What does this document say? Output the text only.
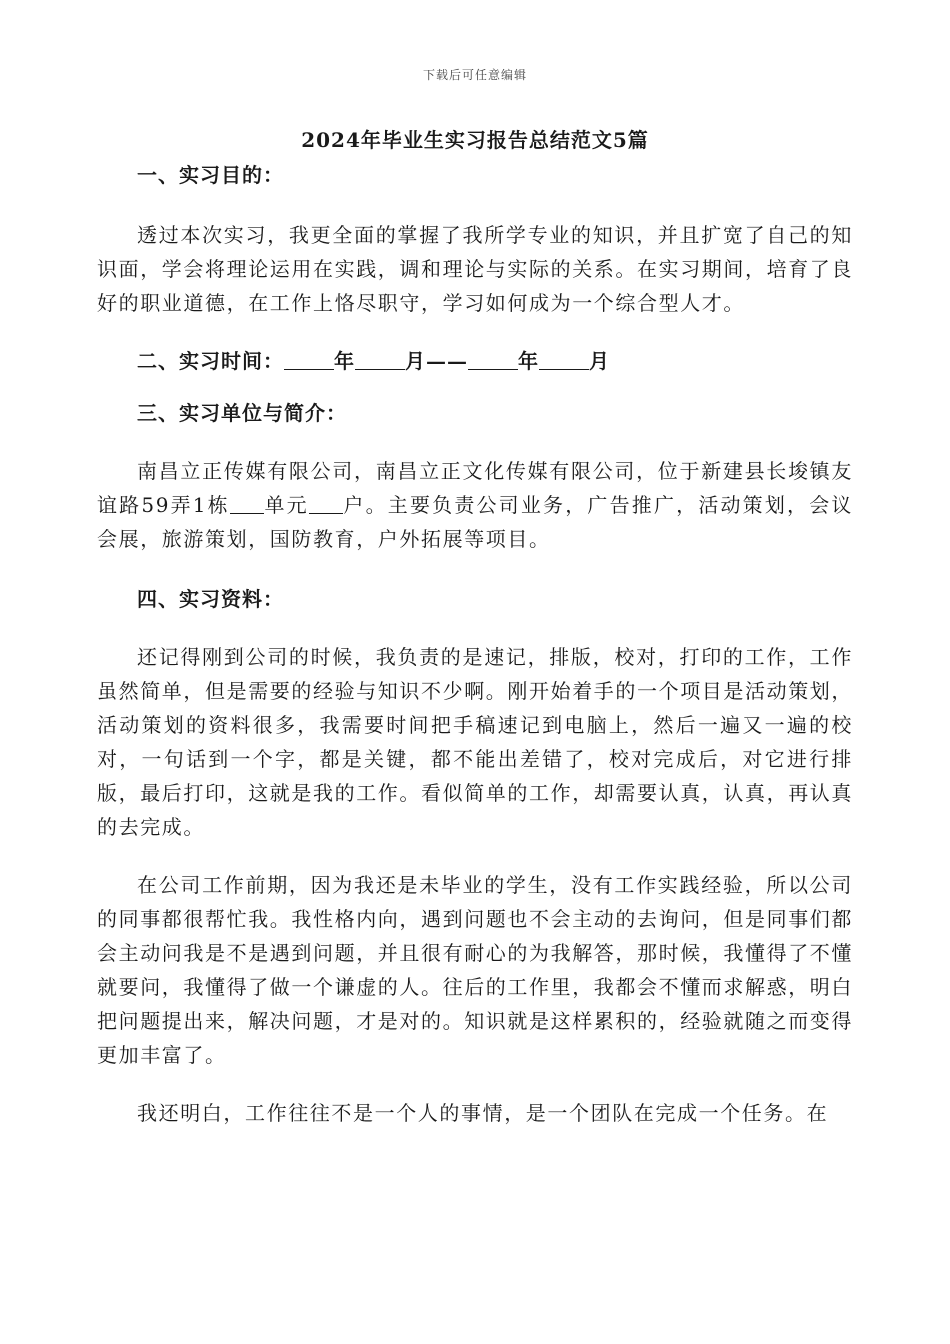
下载后可任意编辑
2024年毕业生实习报告总结范文5篇

一、实习目的：

透过本次实习，我更全面的掌握了我所学专业的知识，并且扩宽了自己的知识面，学会将理论运用在实践，调和理论与实际的关系。在实习期间，培育了良好的职业道德，在工作上恪尽职守，学习如何成为一个综合型人才。

二、实习时间：	年	月——	年	月

三、实习单位与简介：

南昌立正传媒有限公司，南昌立正文化传媒有限公司，位于新建县长埈镇友谊路59弄1栋 单元 户。主要负责公司业务，广告推广，活动策划，会议会展，旅游策划，国防教育，户外拓展等项目。

四、实习资料：

还记得刚到公司的时候，我负责的是速记，排版，校对，打印的工作，工作虽然简单，但是需要的经验与知识不少啊。刚开始着手的一个项目是活动策划，活动策划的资料很多，我需要时间把手稿速记到电脑上，然后一遍又一遍的校对，一句话到一个字，都是关键，都不能出差错了，校对完成后，对它进行排版，最后打印，这就是我的工作。看似简单的工作，却需要认真，认真，再认真的去完成。

在公司工作前期，因为我还是未毕业的学生，没有工作实践经验，所以公司的同事都很帮忙我。我性格内向，遇到问题也不会主动的去询问，但是同事们都会主动问我是不是遇到问题，并且很有耐心的为我解答，那时候，我懂得了不懂就要问，我懂得了做一个谦虚的人。往后的工作里，我都会不懂而求解惑，明白把问题提出来，解决问题，才是对的。知识就是这样累积的，经验就随之而变得更加丰富了。

我还明白，工作往往不是一个人的事情，是一个团队在完成一个任务。在
